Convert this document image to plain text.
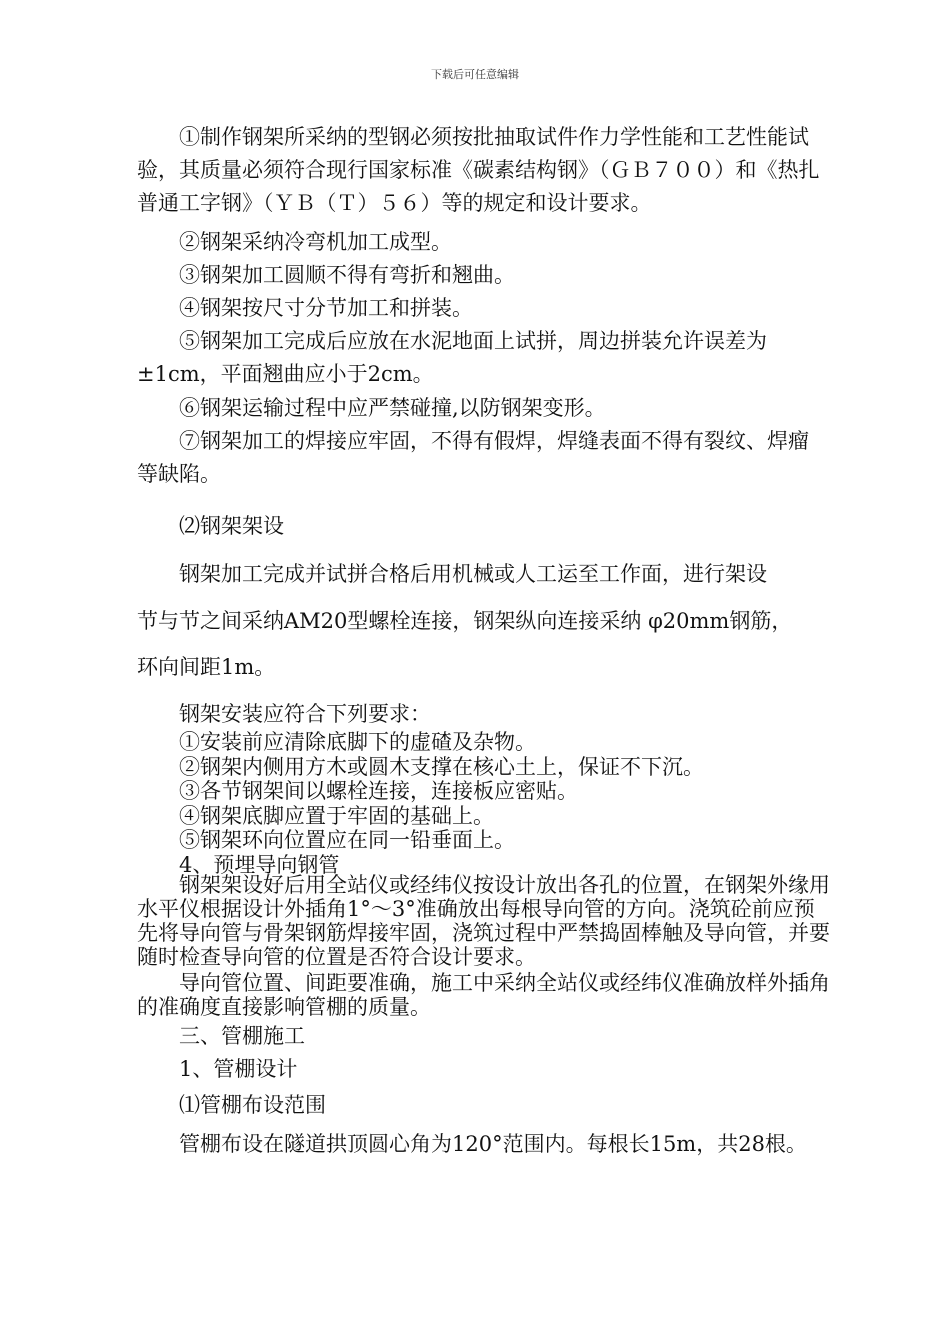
下载后可任意编辑

①制作钢架所采纳的型钢必须按批抽取试件作力学性能和工艺性能试验，其质量必须符合现行国家标准《碳素结构钢》（ＧＢ７００）和《热扎普通工字钢》（ＹＢ（Ｔ）５６）等的规定和设计要求。

②钢架采纳冷弯机加工成型。

③钢架加工圆顺不得有弯折和翘曲。

④钢架按尺寸分节加工和拼装。

⑤钢架加工完成后应放在水泥地面上试拼，周边拼装允许误差为±1cm，平面翘曲应小于2cm。

⑥钢架运输过程中应严禁碰撞,以防钢架变形。

⑦钢架加工的焊接应牢固，不得有假焊，焊缝表面不得有裂纹、焊瘤等缺陷。

⑵钢架架设

钢架加工完成并试拼合格后用机械或人工运至工作面，进行架设

节与节之间采纳AM20型螺栓连接，钢架纵向连接采纳 φ20mm钢筋，

环向间距1m。

钢架安装应符合下列要求：

①安装前应清除底脚下的虚碴及杂物。

②钢架内侧用方木或圆木支撑在核心土上，保证不下沉。

③各节钢架间以螺栓连接，连接板应密贴。

④钢架底脚应置于牢固的基础上。

⑤钢架环向位置应在同一铅垂面上。

4、预埋导向钢管

钢架架设好后用全站仪或经纬仪按设计放出各孔的位置，在钢架外缘用水平仪根据设计外插角1°～3°准确放出每根导向管的方向。浇筑砼前应预先将导向管与骨架钢筋焊接牢固，浇筑过程中严禁捣固棒触及导向管，并要随时检查导向管的位置是否符合设计要求。

导向管位置、间距要准确，施工中采纳全站仪或经纬仪准确放样外插角的准确度直接影响管棚的质量。

三、管棚施工

1、管棚设计

⑴管棚布设范围

管棚布设在隧道拱顶圆心角为120°范围内。每根长15m，共28根。
